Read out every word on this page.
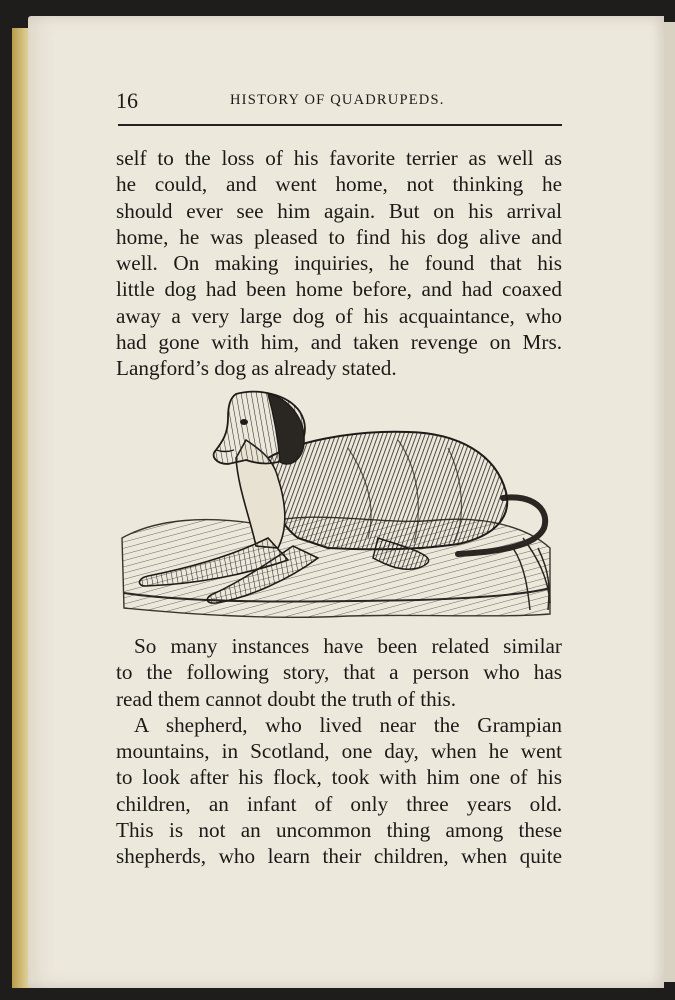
16	HISTORY OF QUADRUPEDS.
self to the loss of his favorite terrier as well as
he could, and went home, not thinking he
should ever see him again. But on his arrival
home, he was pleased to find his dog alive and
well. On making inquiries, he found that his
little dog had been home before, and had coaxed
away a very large dog of his acquaintance, who
had gone with him, and taken revenge on Mrs.
Langford’s dog as already stated.
So many instances have been related similar
to the following story, that a person who has
read them cannot doubt the truth of this.
A shepherd, who lived near the Grampian
mountains, in Scotland, one day, when he went
to look after his flock, took with him one of his
children, an infant of only three years old.
This is not an uncommon thing among these
shepherds, who learn their children, when quite
